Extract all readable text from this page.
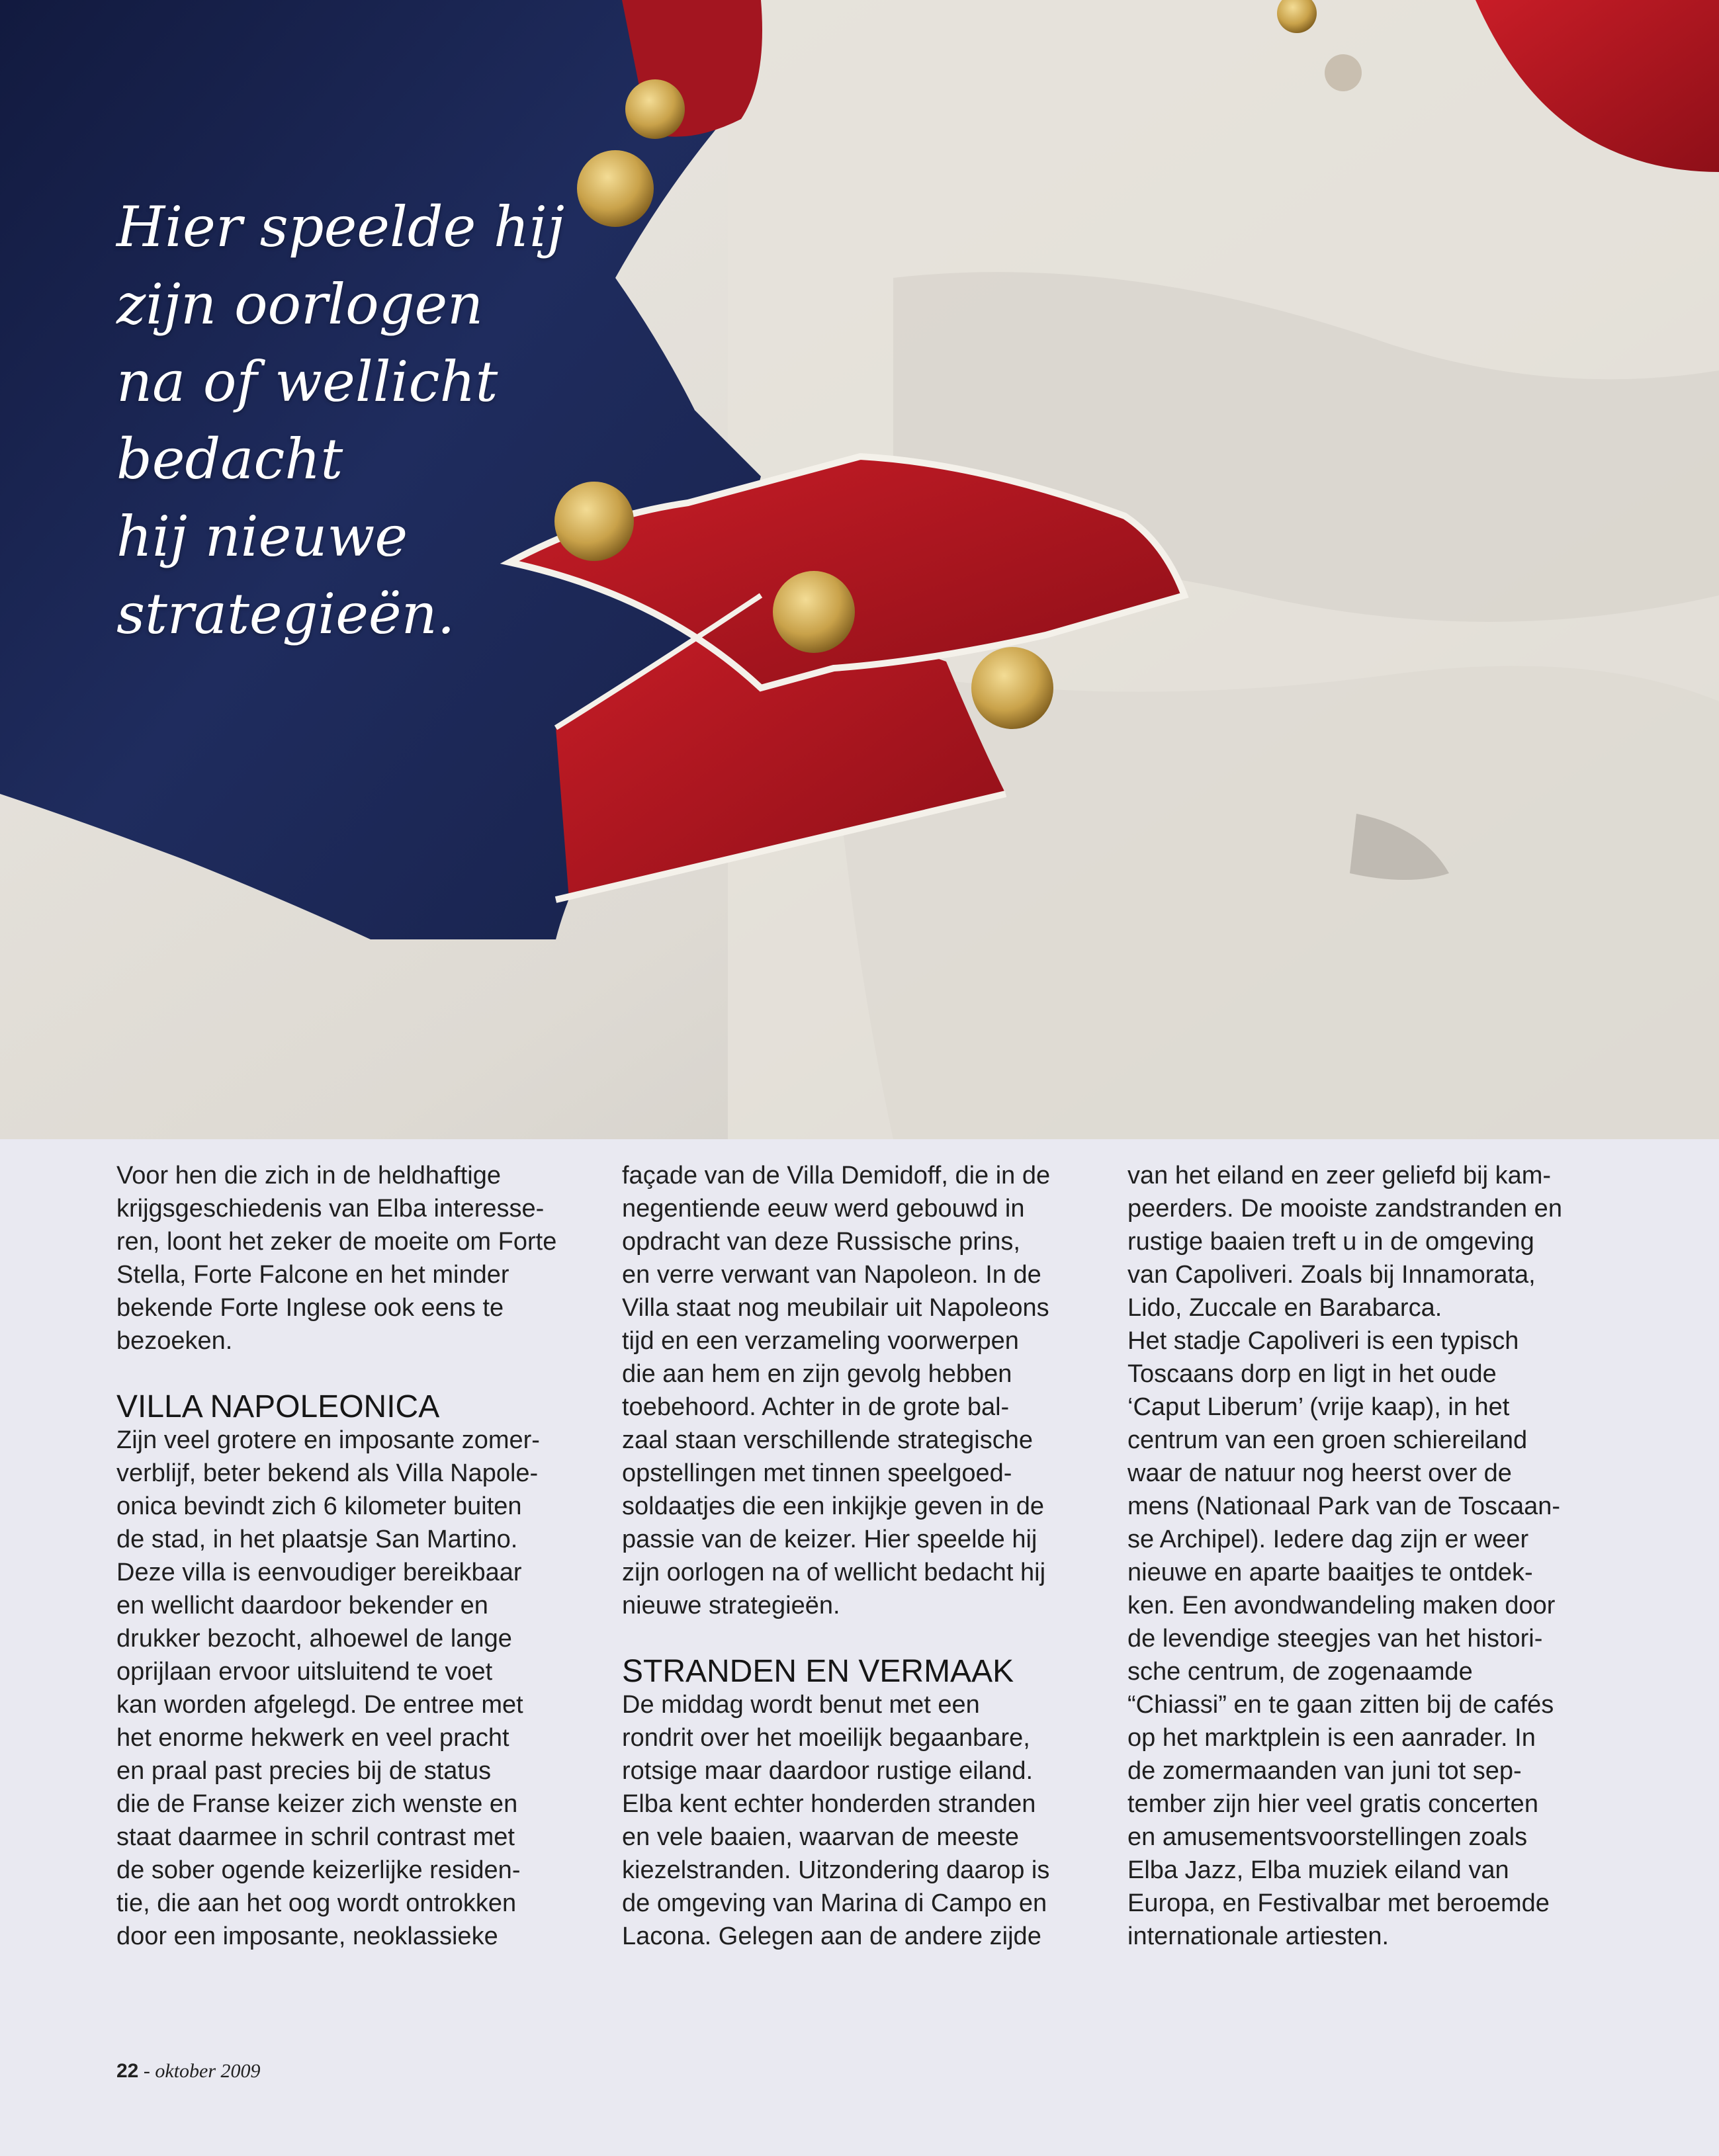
Hier speelde hij
zijn oorlogen
na of wellicht
bedacht
hij nieuwe
strategieën.

Voor hen die zich in de heldhaftige
krijgsgeschiedenis van Elba interesse-
ren, loont het zeker de moeite om Forte
Stella, Forte Falcone en het minder
bekende Forte Inglese ook eens te
bezoeken.

VILLA NAPOLEONICA

Zijn veel grotere en imposante zomer-
verblijf, beter bekend als Villa Napole-
onica bevindt zich 6 kilometer buiten
de stad, in het plaatsje San Martino.
Deze villa is eenvoudiger bereikbaar
en wellicht daardoor bekender en
drukker bezocht, alhoewel de lange
oprijlaan ervoor uitsluitend te voet
kan worden afgelegd. De entree met
het enorme hekwerk en veel pracht
en praal past precies bij de status
die de Franse keizer zich wenste en
staat daarmee in schril contrast met
de sober ogende keizerlijke residen-
tie, die aan het oog wordt ontrokken
door een imposante, neoklassieke

façade van de Villa Demidoff, die in de
negentiende eeuw werd gebouwd in
opdracht van deze Russische prins,
en verre verwant van Napoleon. In de
Villa staat nog meubilair uit Napoleons
tijd en een verzameling voorwerpen
die aan hem en zijn gevolg hebben
toebehoord. Achter in de grote bal-
zaal staan verschillende strategische
opstellingen met tinnen speelgoed-
soldaatjes die een inkijkje geven in de
passie van de keizer. Hier speelde hij
zijn oorlogen na of wellicht bedacht hij
nieuwe strategieën.

STRANDEN EN VERMAAK

De middag wordt benut met een
rondrit over het moeilijk begaanbare,
rotsige maar daardoor rustige eiland.
Elba kent echter honderden stranden
en vele baaien, waarvan de meeste
kiezelstranden. Uitzondering daarop is
de omgeving van Marina di Campo en
Lacona. Gelegen aan de andere zijde

van het eiland en zeer geliefd bij kam-
peerders. De mooiste zandstranden en
rustige baaien treft u in de omgeving
van Capoliveri. Zoals bij Innamorata,
Lido, Zuccale en Barabarca.
Het stadje Capoliveri is een typisch
Toscaans dorp en ligt in het oude
‘Caput Liberum’ (vrije kaap), in het
centrum van een groen schiereiland
waar de natuur nog heerst over de
mens (Nationaal Park van de Toscaan-
se Archipel). Iedere dag zijn er weer
nieuwe en aparte baaitjes te ontdek-
ken. Een avondwandeling maken door
de levendige steegjes van het histori-
sche centrum, de zogenaamde
“Chiassi” en te gaan zitten bij de cafés
op het marktplein is een aanrader. In
de zomermaanden van juni tot sep-
tember zijn hier veel gratis concerten
en amusementsvoorstellingen zoals
Elba Jazz, Elba muziek eiland van
Europa, en Festivalbar met beroemde
internationale artiesten.

22 - oktober 2009
